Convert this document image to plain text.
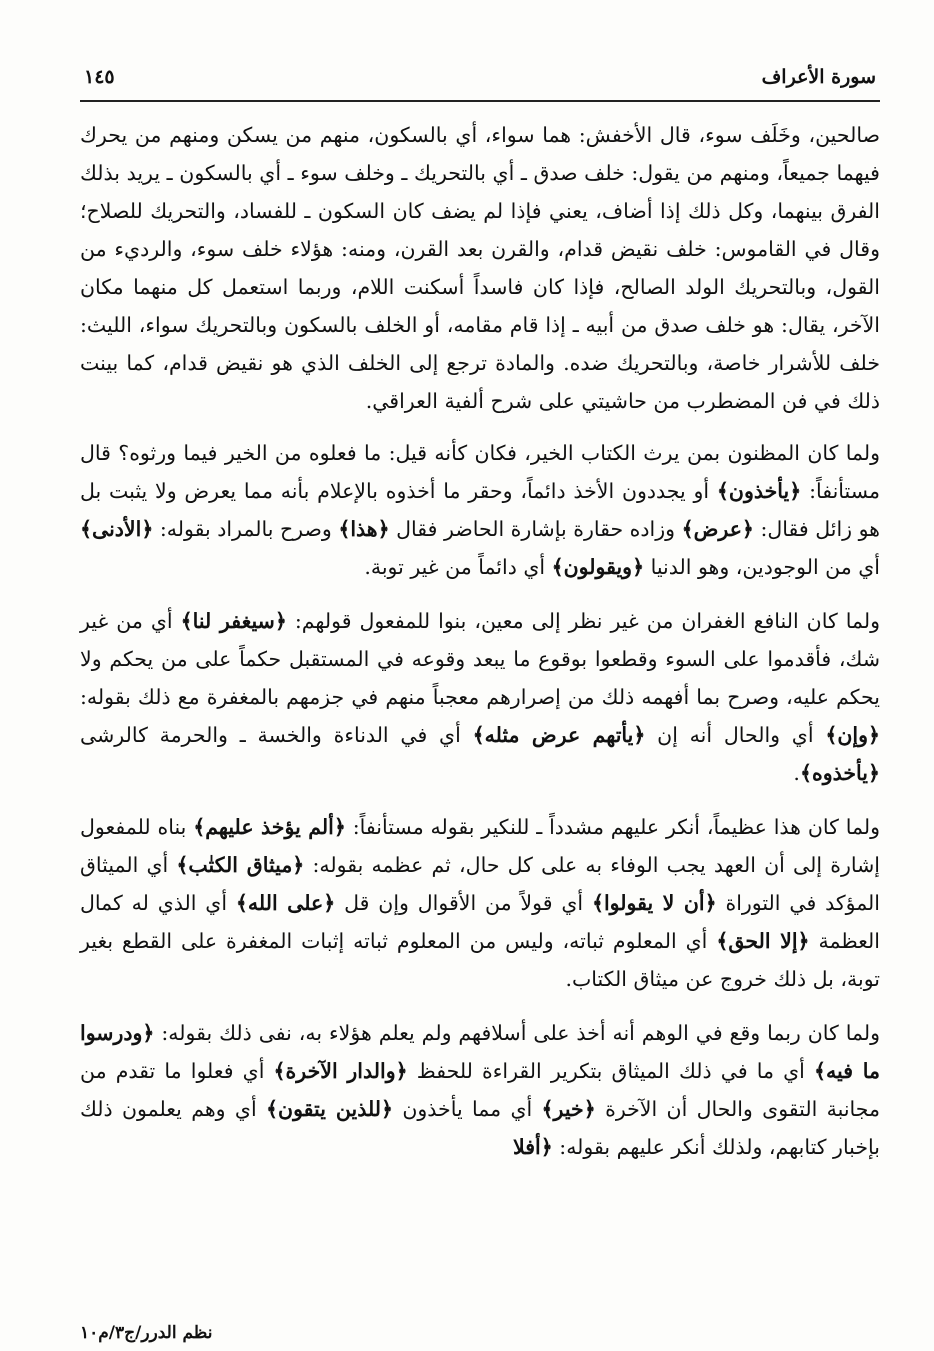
سورة الأعراف
١٤٥

صالحين، وخَلَف سوء، قال الأخفش: هما سواء، أي بالسكون، منهم من يسكن ومنهم من يحرك فيهما جميعاً، ومنهم من يقول: خلف صدق ـ أي بالتحريك ـ وخلف سوء ـ أي بالسكون ـ يريد بذلك الفرق بينهما، وكل ذلك إذا أضاف، يعني فإذا لم يضف كان السكون ـ للفساد، والتحريك للصلاح؛ وقال في القاموس: خلف نقيض قدام، والقرن بعد القرن، ومنه: هؤلاء خلف سوء، والرديء من القول، وبالتحريك الولد الصالح، فإذا كان فاسداً أسكنت اللام، وربما استعمل كل منهما مكان الآخر، يقال: هو خلف صدق من أبيه ـ إذا قام مقامه، أو الخلف بالسكون وبالتحريك سواء، الليث: خلف للأشرار خاصة، وبالتحريك ضده. والمادة ترجع إلى الخلف الذي هو نقيض قدام، كما بينت ذلك في فن المضطرب من حاشيتي على شرح ألفية العراقي.

ولما كان المظنون بمن يرث الكتاب الخير، فكان كأنه قيل: ما فعلوه من الخير فيما ورثوه؟ قال مستأنفاً: ﴿يأخذون﴾ أو يجددون الأخذ دائماً، وحقر ما أخذوه بالإعلام بأنه مما يعرض ولا يثبت بل هو زائل فقال: ﴿عرض﴾ وزاده حقارة بإشارة الحاضر فقال ﴿هذا﴾ وصرح بالمراد بقوله: ﴿الأدنى﴾ أي من الوجودين، وهو الدنيا ﴿ويقولون﴾ أي دائماً من غير توبة.

ولما كان النافع الغفران من غير نظر إلى معين، بنوا للمفعول قولهم: ﴿سيغفر لنا﴾ أي من غير شك، فأقدموا على السوء وقطعوا بوقوع ما يبعد وقوعه في المستقبل حكماً على من يحكم ولا يحكم عليه، وصرح بما أفهمه ذلك من إصرارهم معجباً منهم في جزمهم بالمغفرة مع ذلك بقوله: ﴿وإن﴾ أي والحال أنه إن ﴿يأتهم عرض مثله﴾ أي في الدناءة والخسة ـ والحرمة كالرشى ﴿يأخذوه﴾.

ولما كان هذا عظيماً، أنكر عليهم مشدداً ـ للنكير بقوله مستأنفاً: ﴿ألم يؤخذ عليهم﴾ بناه للمفعول إشارة إلى أن العهد يجب الوفاء به على كل حال، ثم عظمه بقوله: ﴿ميثاق الكتٰب﴾ أي الميثاق المؤكد في التوراة ﴿أن لا يقولوا﴾ أي قولاً من الأقوال وإن قل ﴿على الله﴾ أي الذي له كمال العظمة ﴿إلا الحق﴾ أي المعلوم ثباته، وليس من المعلوم ثباته إثبات المغفرة على القطع بغير توبة، بل ذلك خروج عن ميثاق الكتاب.

ولما كان ربما وقع في الوهم أنه أخذ على أسلافهم ولم يعلم هؤلاء به، نفى ذلك بقوله: ﴿ودرسوا ما فيه﴾ أي ما في ذلك الميثاق بتكرير القراءة للحفظ ﴿والدار الآخرة﴾ أي فعلوا ما تقدم من مجانبة التقوى والحال أن الآخرة ﴿خير﴾ أي مما يأخذون ﴿للذين يتقون﴾ أي وهم يعلمون ذلك بإخبار كتابهم، ولذلك أنكر عليهم بقوله: ﴿أفلا

نظم الدرر/ج٣/م١٠
